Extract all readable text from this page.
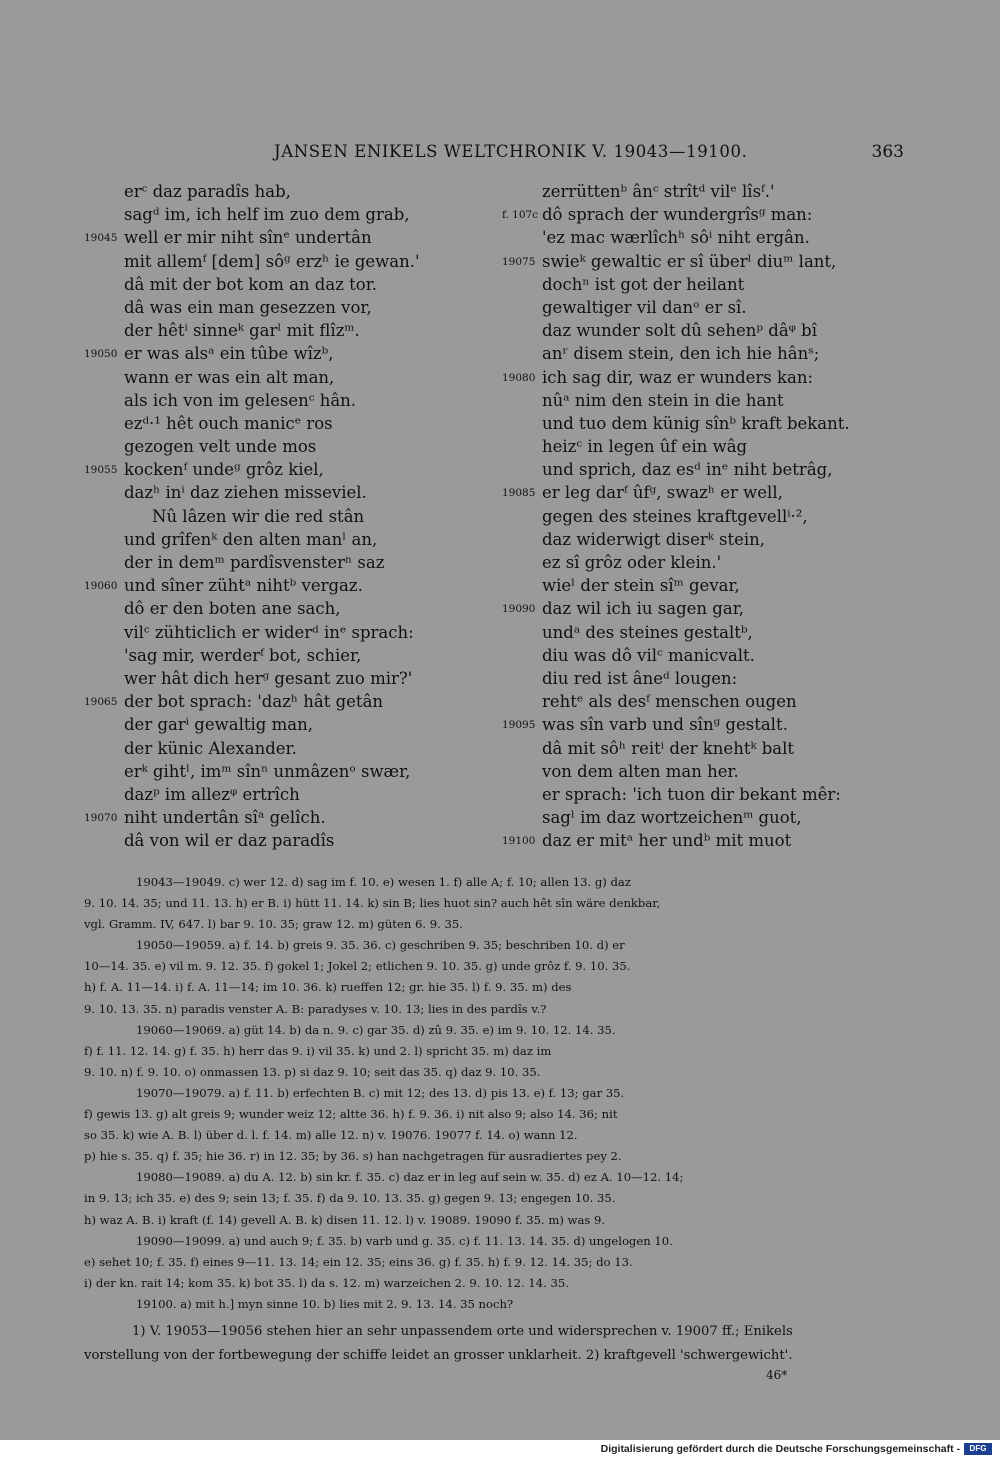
JANSEN ENIKELS WELTCHRONIK V. 19043—19100.	363
erᶜ daz paradîs hab,
sagᵈ im, ich helf im zuo dem grab,
19045 well er mir niht sînᵉ undertân
mit allemᶠ [dem] sôᵍ erzʰ ie gewan.'
dâ mit der bot kom an daz tor.
dâ was ein man gesezzen vor,
der hêtⁱ sinneᵏ garˡ mit flîzᵐ.
19050 er was alsᵃ ein tûbe wîzᵇ,
wann er was ein alt man,
als ich von im gelesenᶜ hân.
ezᵈ·¹ hêt ouch manicᵉ ros
gezogen velt unde mos
19055 kockenᶠ undeᵍ grôz kiel,
dazʰ inⁱ daz ziehen misseviel.
Nû lâzen wir die red stân
und grîfenᵏ den alten manˡ an,
der in demᵐ pardîsvensterⁿ saz
19060 und sîner zühtᵃ nihtᵇ vergaz.
dô er den boten ane sach,
vilᶜ zühticlich er widerᵈ inᵉ sprach:
'sag mir, werderᶠ bot, schier,
wer hât dich herᵍ gesant zuo mir?'
19065 der bot sprach: 'dazʰ hât getân
der garⁱ gewaltig man,
der künic Alexander.
erᵏ gihtˡ, imᵐ sînⁿ unmâzenᵒ swær,
dazᵖ im allezᵠ ertrîch
19070 niht undertân sîᵃ gelîch.
dâ von wil er daz paradîs
zerrüttenᵇ ânᶜ strîtᵈ vilᵉ lîsᶠ.'
f. 107c dô sprach der wundergrîsᵍ man:
'ez mac wærlîchʰ sôⁱ niht ergân.
19075 swieᵏ gewaltic er sî überˡ diuᵐ lant,
dochⁿ ist got der heilant
gewaltiger vil danᵒ er sî.
daz wunder solt dû sehenᵖ dâᵠ bî
anʳ disem stein, den ich hie hânˢ;
19080 ich sag dir, waz er wunders kan:
nûᵃ nim den stein in die hant
und tuo dem künig sînᵇ kraft bekant.
heizᶜ in legen ûf ein wâg
und sprich, daz esᵈ inᵉ niht betrâg,
19085 er leg darᶠ ûfᵍ, swazʰ er well,
gegen des steines kraftgevellⁱ·²,
daz widerwigt diserᵏ stein,
ez sî grôz oder klein.'
wieˡ der stein sîᵐ gevar,
19090 daz wil ich iu sagen gar,
undᵃ des steines gestaltᵇ,
diu was dô vilᶜ manicvalt.
diu red ist âneᵈ lougen:
rehtᵉ als desᶠ menschen ougen
19095 was sîn varb und sînᵍ gestalt.
dâ mit sôʰ reitⁱ der knehtᵏ balt
von dem alten man her.
er sprach: 'ich tuon dir bekant mêr:
sagˡ im daz wortzeichenᵐ guot,
19100 daz er mitᵃ her undᵇ mit muot
19043—19049. c) wer 12. d) sag im f. 10. e) wesen 1. f) alle A; f. 10; allen 13. g) daz
9. 10. 14. 35; und 11. 13. h) er B. i) hütt 11. 14. k) sin B; lies huot sin? auch hêt sîn wäre denkbar,
vgl. Gramm. IV, 647. l) bar 9. 10. 35; graw 12. m) güten 6. 9. 35.
19050—19059. a) f. 14. b) greis 9. 35. 36. c) geschriben 9. 35; beschriben 10. d) er
10—14. 35. e) vil m. 9. 12. 35. f) gokel 1; Jokel 2; etlichen 9. 10. 35. g) unde grôz f. 9. 10. 35.
h) f. A. 11—14. i) f. A. 11—14; im 10. 36. k) rueffen 12; gr. hie 35. l) f. 9. 35. m) des
9. 10. 13. 35. n) paradis venster A. B: paradyses v. 10. 13; lies in des pardîs v.?
19060—19069. a) güt 14. b) da n. 9. c) gar 35. d) zû 9. 35. e) im 9. 10. 12. 14. 35.
f) f. 11. 12. 14. g) f. 35. h) herr das 9. i) vil 35. k) und 2. l) spricht 35. m) daz im
9. 10. n) f. 9. 10. o) onmassen 13. p) si daz 9. 10; seit das 35. q) daz 9. 10. 35.
19070—19079. a) f. 11. b) erfechten B. c) mit 12; des 13. d) pis 13. e) f. 13; gar 35.
f) gewis 13. g) alt greis 9; wunder weiz 12; altte 36. h) f. 9. 36. i) nit also 9; also 14. 36; nit
so 35. k) wie A. B. l) über d. l. f. 14. m) alle 12. n) v. 19076. 19077 f. 14. o) wann 12.
p) hie s. 35. q) f. 35; hie 36. r) in 12. 35; by 36. s) han nachgetragen für ausradiertes pey 2.
19080—19089. a) du A. 12. b) sin kr. f. 35. c) daz er in leg auf sein w. 35. d) ez A. 10—12. 14;
in 9. 13; ich 35. e) des 9; sein 13; f. 35. f) da 9. 10. 13. 35. g) gegen 9. 13; engegen 10. 35.
h) waz A. B. i) kraft (f. 14) gevell A. B. k) disen 11. 12. l) v. 19089. 19090 f. 35. m) was 9.
19090—19099. a) und auch 9; f. 35. b) varb und g. 35. c) f. 11. 13. 14. 35. d) ungelogen 10.
e) sehet 10; f. 35. f) eines 9—11. 13. 14; ein 12. 35; eins 36. g) f. 35. h) f. 9. 12. 14. 35; do 13.
i) der kn. rait 14; kom 35. k) bot 35. l) da s. 12. m) warzeichen 2. 9. 10. 12. 14. 35.
19100. a) mit h.] myn sinne 10. b) lies mit 2. 9. 13. 14. 35 noch?
1) V. 19053—19056 stehen hier an sehr unpassendem orte und widersprechen v. 19007 ff.; Enikels
vorstellung von der fortbewegung der schiffe leidet an grosser unklarheit. 2) kraftgevell 'schwergewicht'.
46*
Digitalisierung gefördert durch die Deutsche Forschungsgemeinschaft -	DFG
